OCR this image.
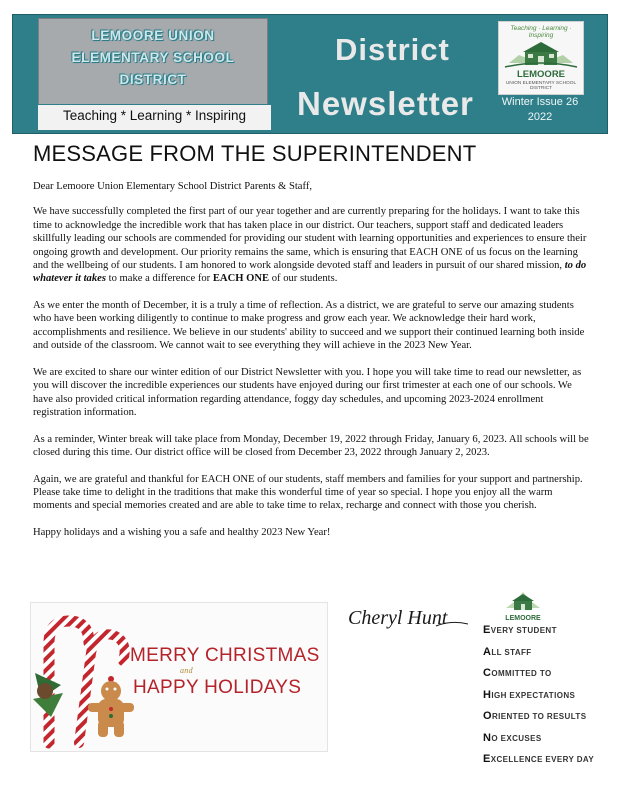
LEMOORE UNION
ELEMENTARY SCHOOL
DISTRICT
Teaching * Learning * Inspiring
District
Newsletter
Teaching · Learning · Inspiring
LEMOORE
UNION ELEMENTARY SCHOOL DISTRICT
Winter Issue 26
2022
MESSAGE FROM THE SUPERINTENDENT

Dear Lemoore Union Elementary School District Parents & Staff,

We have successfully completed the first part of our year together and are currently preparing for the holidays. I want to take this time to acknowledge the incredible work that has taken place in our district. Our teachers, support staff and dedicated leaders skillfully leading our schools are commended for providing our student with learning opportunities and experiences to ensure their ongoing growth and development. Our priority remains the same, which is ensuring that EACH ONE of us focus on the learning and the wellbeing of our students. I am honored to work alongside devoted staff and leaders in pursuit of our shared mission, to do whatever it takes to make a difference for EACH ONE of our students.

As we enter the month of December, it is a truly a time of reflection. As a district, we are grateful to serve our amazing students who have been working diligently to continue to make progress and grow each year. We acknowledge their hard work, accomplishments and resilience. We believe in our students' ability to succeed and we support their continued learning both inside and outside of the classroom. We cannot wait to see everything they will achieve in the 2023 New Year.

We are excited to share our winter edition of our District Newsletter with you. I hope you will take time to read our newsletter, as you will discover the incredible experiences our students have enjoyed during our first trimester at each one of our schools. We have also provided critical information regarding attendance, foggy day schedules, and upcoming 2023-2024 enrollment registration information.

As a reminder, Winter break will take place from Monday, December 19, 2022 through Friday, January 6, 2023. All schools will be closed during this time. Our district office will be closed from December 23, 2022 through January 2, 2023.

Again, we are grateful and thankful for EACH ONE of our students, staff members and families for your support and partnership. Please take time to delight in the traditions that make this wonderful time of year so special. I hope you enjoy all the warm moments and special memories created and are able to take time to relax, recharge and connect with those you cherish.

Happy holidays and a wishing you a safe and healthy 2023 New Year!

MERRY CHRISTMAS
and
HAPPY HOLIDAYS
Cheryl Hunt	LEMOORE
EVERY STUDENT
ALL STAFF
COMMITTED TO
HIGH EXPECTATIONS
ORIENTED TO RESULTS
NO EXCUSES
EXCELLENCE EVERY DAY
